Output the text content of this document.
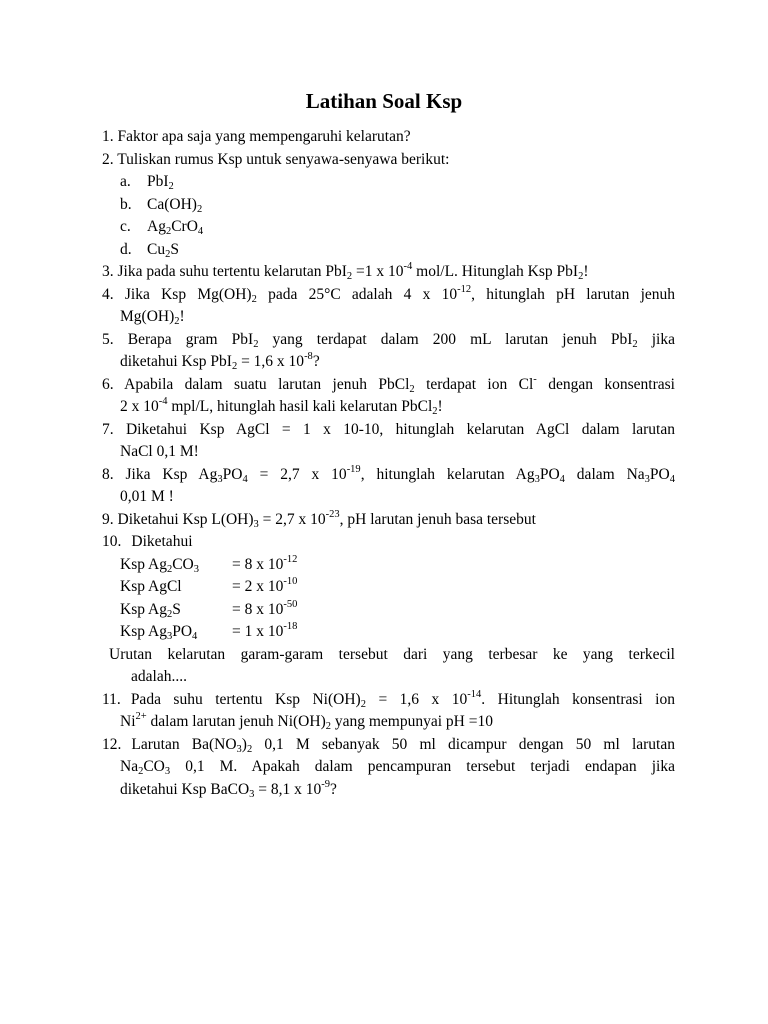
Latihan Soal Ksp
1. Faktor apa saja yang mempengaruhi kelarutan?
2. Tuliskan rumus Ksp untuk senyawa-senyawa berikut:
a. PbI$_2$
b. $Ca(OH)_2$
c. $Ag_2CrO_4$
d. $Cu_2S$
3. Jika pada suhu tertentu kelarutan PbI$_2$ =1 x $10^{-4}$ mol/L. Hitunglah Ksp PbI$_2$!
4. Jika Ksp $Mg(OH)_2$ pada 25°C adalah 4 x $10^{-12}$, hitunglah pH larutan jenuh
$Mg(OH)_2$!
5. Berapa gram PbI$_2$ yang terdapat dalam 200 mL larutan jenuh PbI$_2$ jika
diketahui Ksp PbI$_2$ = 1,6 x $10^{-8}$?
6. Apabila dalam suatu larutan jenuh PbCl$_2$ terdapat ion Cl- dengan konsentrasi
2 x $10^{-4}$ mpl/L, hitunglah hasil kali kelarutan PbCl$_2$!
7. Diketahui Ksp AgCl = 1 x 10-10, hitunglah kelarutan AgCl dalam larutan
NaCl 0,1 M!
8. Jika Ksp $Ag_3PO_4 = 2,7$ x $10^{-19}$, hitunglah kelarutan $Ag_3PO_4$ dalam $Na_3PO_4$
0,01 M !
9. Diketahui Ksp $L(OH)_3 = 2,7$ x $10^{-23}$, pH larutan jenuh basa tersebut
10. Diketahui
Ksp $Ag_2CO_3 = 8$ x $10^{-12}$
Ksp AgCl	= 2 x $10^{-10}$
Ksp $Ag_2S$	= 8 x $10^{-50}$
Ksp $Ag_3PO_4 = 1$ x $10^{-18}$
Urutan kelarutan garam-garam tersebut dari yang terbesar ke yang terkecil
adalah....
11. Pada suhu tertentu Ksp $Ni(OH)_2 = 1,6$ x $10^{-14}$. Hitunglah konsentrasi ion
$Ni^{2+}$ dalam larutan jenuh $Ni(OH)_2$ yang mempunyai pH =10
12. Larutan $Ba(NO_3)_2$ 0,1 M sebanyak 50 ml dicampur dengan 50 ml larutan
$Na_2CO_3$ 0,1 M. Apakah dalam pencampuran tersebut terjadi endapan jika
diketahui Ksp BaCO$_3$ = 8,1 x $10^{-9}$?
